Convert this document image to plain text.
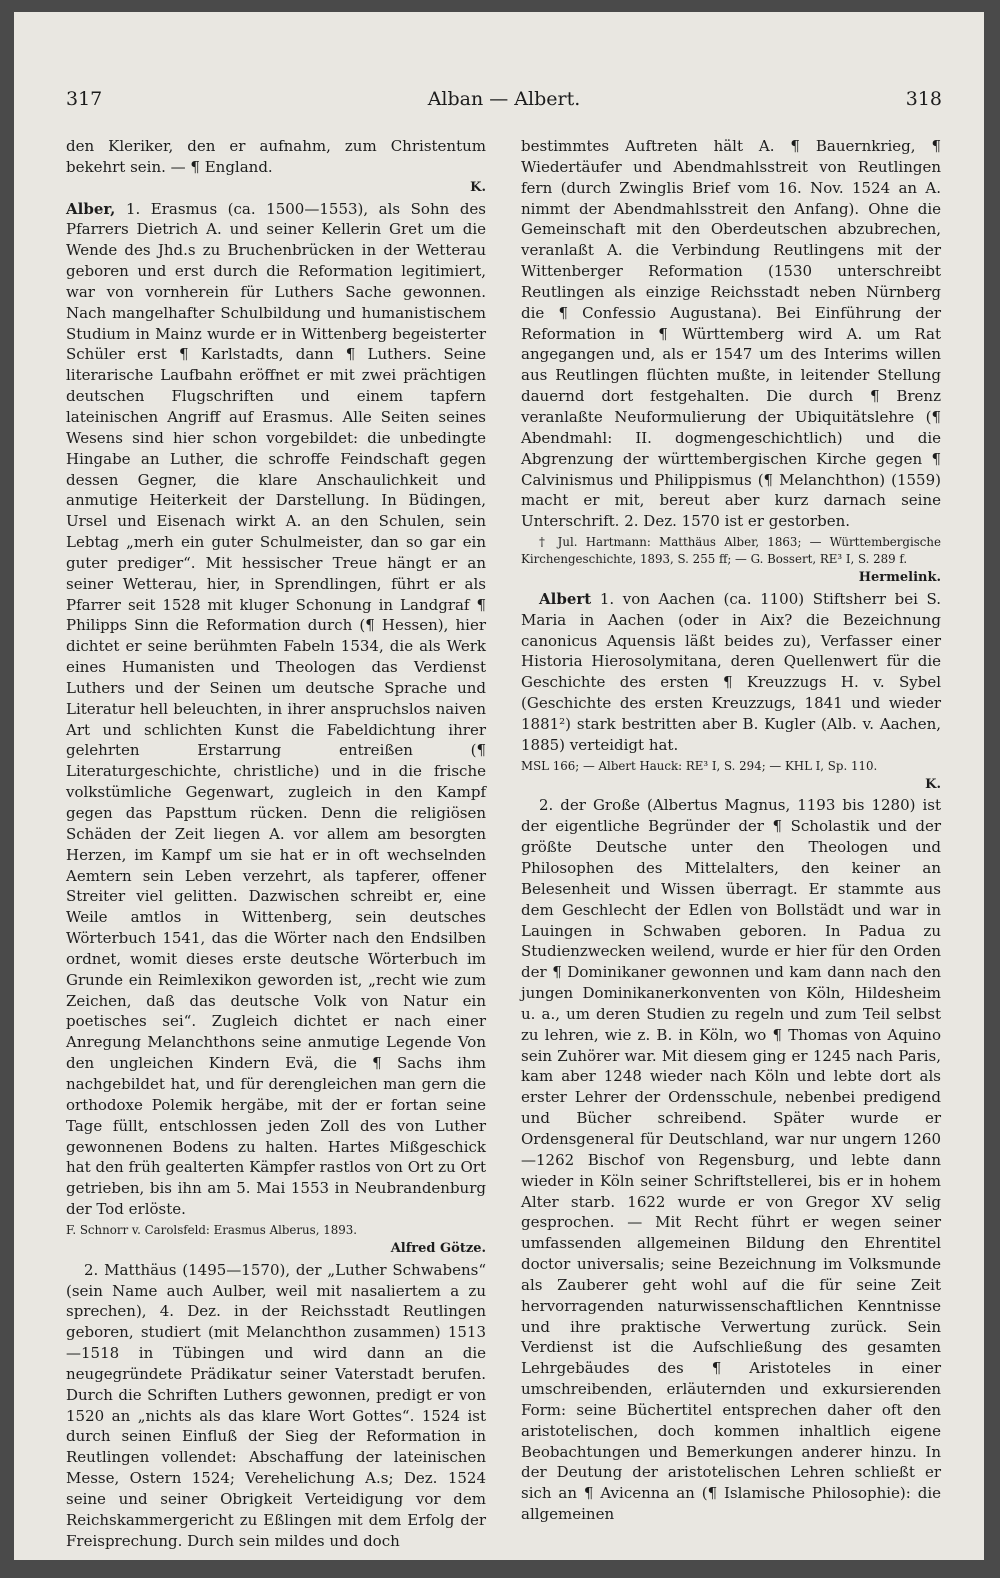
317	Alban — Albert.	318

den Kleriker, den er aufnahm, zum Christentum bekehrt sein. — ¶ England.

K.

Alber, 1. Erasmus (ca. 1500—1553), als Sohn des Pfarrers Dietrich A. und seiner Kellerin Gret um die Wende des Jhd.s zu Bruchenbrücken in der Wetterau geboren und erst durch die Reformation legitimiert, war von vornherein für Luthers Sache gewonnen. Nach mangelhafter Schulbildung und humanistischem Studium in Mainz wurde er in Wittenberg begeisterter Schüler erst ¶ Karlstadts, dann ¶ Luthers. Seine literarische Laufbahn eröffnet er mit zwei prächtigen deutschen Flugschriften und einem tapfern lateinischen Angriff auf Erasmus. Alle Seiten seines Wesens sind hier schon vorgebildet: die unbedingte Hingabe an Luther, die schroffe Feindschaft gegen dessen Gegner, die klare Anschaulichkeit und anmutige Heiterkeit der Darstellung. In Büdingen, Ursel und Eisenach wirkt A. an den Schulen, sein Lebtag „merh ein guter Schulmeister, dan so gar ein guter prediger“. Mit hessischer Treue hängt er an seiner Wetterau, hier, in Sprendlingen, führt er als Pfarrer seit 1528 mit kluger Schonung in Landgraf ¶ Philipps Sinn die Reformation durch (¶ Hessen), hier dichtet er seine berühmten Fabeln 1534, die als Werk eines Humanisten und Theologen das Verdienst Luthers und der Seinen um deutsche Sprache und Literatur hell beleuchten, in ihrer anspruchslos naiven Art und schlichten Kunst die Fabeldichtung ihrer gelehrten Erstarrung entreißen (¶ Literaturgeschichte, christliche) und in die frische volkstümliche Gegenwart, zugleich in den Kampf gegen das Papsttum rücken. Denn die religiösen Schäden der Zeit liegen A. vor allem am besorgten Herzen, im Kampf um sie hat er in oft wechselnden Aemtern sein Leben verzehrt, als tapferer, offener Streiter viel gelitten. Dazwischen schreibt er, eine Weile amtlos in Wittenberg, sein deutsches Wörterbuch 1541, das die Wörter nach den Endsilben ordnet, womit dieses erste deutsche Wörterbuch im Grunde ein Reimlexikon geworden ist, „recht wie zum Zeichen, daß das deutsche Volk von Natur ein poetisches sei“. Zugleich dichtet er nach einer Anregung Melanchthons seine anmutige Legende Von den ungleichen Kindern Evä, die ¶ Sachs ihm nachgebildet hat, und für derengleichen man gern die orthodoxe Polemik hergäbe, mit der er fortan seine Tage füllt, entschlossen jeden Zoll des von Luther gewonnenen Bodens zu halten. Hartes Mißgeschick hat den früh gealterten Kämpfer rastlos von Ort zu Ort getrieben, bis ihn am 5. Mai 1553 in Neubrandenburg der Tod erlöste.

F. Schnorr v. Carolsfeld: Erasmus Alberus, 1893.

Alfred Götze.

2. Matthäus (1495—1570), der „Luther Schwabens“ (sein Name auch Aulber, weil mit nasaliertem a zu sprechen), 4. Dez. in der Reichsstadt Reutlingen geboren, studiert (mit Melanchthon zusammen) 1513—1518 in Tübingen und wird dann an die neugegründete Prädikatur seiner Vaterstadt berufen. Durch die Schriften Luthers gewonnen, predigt er von 1520 an „nichts als das klare Wort Gottes“. 1524 ist durch seinen Einfluß der Sieg der Reformation in Reutlingen vollendet: Abschaffung der lateinischen Messe, Ostern 1524; Verehelichung A.s; Dez. 1524 seine und seiner Obrigkeit Verteidigung vor dem Reichskammergericht zu Eßlingen mit dem Erfolg der Freisprechung. Durch sein mildes und doch

bestimmtes Auftreten hält A. ¶ Bauernkrieg, ¶ Wiedertäufer und Abendmahlsstreit von Reutlingen fern (durch Zwinglis Brief vom 16. Nov. 1524 an A. nimmt der Abendmahlsstreit den Anfang). Ohne die Gemeinschaft mit den Oberdeutschen abzubrechen, veranlaßt A. die Verbindung Reutlingens mit der Wittenberger Reformation (1530 unterschreibt Reutlingen als einzige Reichsstadt neben Nürnberg die ¶ Confessio Augustana). Bei Einführung der Reformation in ¶ Württemberg wird A. um Rat angegangen und, als er 1547 um des Interims willen aus Reutlingen flüchten mußte, in leitender Stellung dauernd dort festgehalten. Die durch ¶ Brenz veranlaßte Neuformulierung der Ubiquitätslehre (¶ Abendmahl: II. dogmengeschichtlich) und die Abgrenzung der württembergischen Kirche gegen ¶ Calvinismus und Philippismus (¶ Melanchthon) (1559) macht er mit, bereut aber kurz darnach seine Unterschrift. 2. Dez. 1570 ist er gestorben.

† Jul. Hartmann: Matthäus Alber, 1863; — Württembergische Kirchengeschichte, 1893, S. 255 ff; — G. Bossert, RE³ I, S. 289 f.

Hermelink.

Albert 1. von Aachen (ca. 1100) Stiftsherr bei S. Maria in Aachen (oder in Aix? die Bezeichnung canonicus Aquensis läßt beides zu), Verfasser einer Historia Hierosolymitana, deren Quellenwert für die Geschichte des ersten ¶ Kreuzzugs H. v. Sybel (Geschichte des ersten Kreuzzugs, 1841 und wieder 1881²) stark bestritten aber B. Kugler (Alb. v. Aachen, 1885) verteidigt hat.

MSL 166; — Albert Hauck: RE³ I, S. 294; — KHL I, Sp. 110.

K.

2. der Große (Albertus Magnus, 1193 bis 1280) ist der eigentliche Begründer der ¶ Scholastik und der größte Deutsche unter den Theologen und Philosophen des Mittelalters, den keiner an Belesenheit und Wissen überragt. Er stammte aus dem Geschlecht der Edlen von Bollstädt und war in Lauingen in Schwaben geboren. In Padua zu Studienzwecken weilend, wurde er hier für den Orden der ¶ Dominikaner gewonnen und kam dann nach den jungen Dominikanerkonventen von Köln, Hildesheim u. a., um deren Studien zu regeln und zum Teil selbst zu lehren, wie z. B. in Köln, wo ¶ Thomas von Aquino sein Zuhörer war. Mit diesem ging er 1245 nach Paris, kam aber 1248 wieder nach Köln und lebte dort als erster Lehrer der Ordensschule, nebenbei predigend und Bücher schreibend. Später wurde er Ordensgeneral für Deutschland, war nur ungern 1260—1262 Bischof von Regensburg, und lebte dann wieder in Köln seiner Schriftstellerei, bis er in hohem Alter starb. 1622 wurde er von Gregor XV selig gesprochen. — Mit Recht führt er wegen seiner umfassenden allgemeinen Bildung den Ehrentitel doctor universalis; seine Bezeichnung im Volksmunde als Zauberer geht wohl auf die für seine Zeit hervorragenden naturwissenschaftlichen Kenntnisse und ihre praktische Verwertung zurück. Sein Verdienst ist die Aufschließung des gesamten Lehrgebäudes des ¶ Aristoteles in einer umschreibenden, erläuternden und exkursierenden Form: seine Büchertitel entsprechen daher oft den aristotelischen, doch kommen inhaltlich eigene Beobachtungen und Bemerkungen anderer hinzu. In der Deutung der aristotelischen Lehren schließt er sich an ¶ Avicenna an (¶ Islamische Philosophie): die allgemeinen
